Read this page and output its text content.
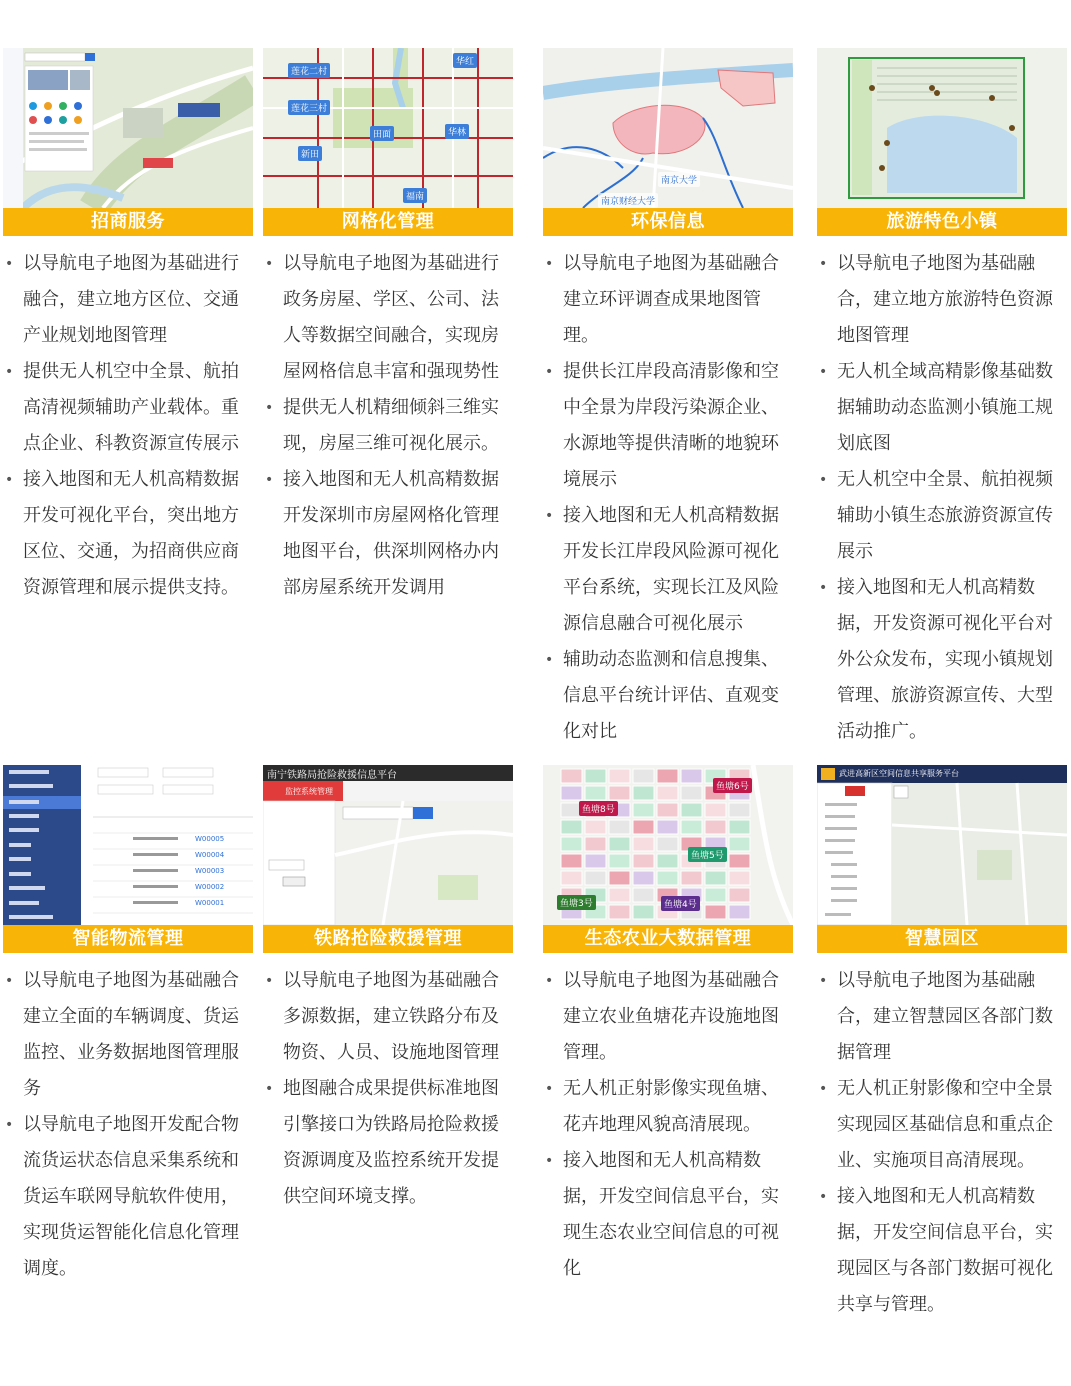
招商服务
• 以导航电子地图为基础进行融合，建立地方区位、交通产业规划地图管理
• 提供无人机空中全景、航拍高清视频辅助产业载体。重点企业、科教资源宣传展示
• 接入地图和无人机高精数据开发可视化平台，突出地方区位、交通，为招商供应商资源管理和展示提供支持。
莲花二村
莲花三村
田面
新田
华林
福南
华红
网格化管理
• 以导航电子地图为基础进行政务房屋、学区、公司、法人等数据空间融合，实现房屋网格信息丰富和强现势性
• 提供无人机精细倾斜三维实现，房屋三维可视化展示。
• 接入地图和无人机高精数据开发深圳市房屋网格化管理地图平台，供深圳网格办内部房屋系统开发调用
南京大学
南京财经大学
环保信息
• 以导航电子地图为基础融合建立环评调查成果地图管理。
• 提供长江岸段高清影像和空中全景为岸段污染源企业、水源地等提供清晰的地貌环境展示
• 接入地图和无人机高精数据开发长江岸段风险源可视化平台系统，实现长江及风险源信息融合可视化展示
• 辅助动态监测和信息搜集、信息平台统计评估、直观变化对比
旅游特色小镇
• 以导航电子地图为基础融合，建立地方旅游特色资源地图管理
• 无人机全域高精影像基础数据辅助动态监测小镇施工规划底图
• 无人机空中全景、航拍视频辅助小镇生态旅游资源宣传展示
• 接入地图和无人机高精数据，开发资源可视化平台对外公众发布，实现小镇规划管理、旅游资源宣传、大型活动推广。
W00005
W00004
W00003
W00002
W00001
智能物流管理
• 以导航电子地图为基础融合建立全面的车辆调度、货运监控、业务数据地图管理服务
• 以导航电子地图开发配合物流货运状态信息采集系统和货运车联网导航软件使用，实现货运智能化信息化管理调度。
南宁铁路局抢险救援信息平台
监控系统管理
铁路抢险救援管理
• 以导航电子地图为基础融合多源数据，建立铁路分布及物资、人员、设施地图管理
• 地图融合成果提供标准地图引擎接口为铁路局抢险救援资源调度及监控系统开发提供空间环境支撑。
鱼塘8号
鱼塘6号
鱼塘5号
鱼塘3号	鱼塘4号
生态农业大数据管理
• 以导航电子地图为基础融合建立农业鱼塘花卉设施地图管理。
• 无人机正射影像实现鱼塘、花卉地理风貌高清展现。
• 接入地图和无人机高精数据，开发空间信息平台，实现生态农业空间信息的可视化
武进高新区空间信息共享服务平台
智慧园区
• 以导航电子地图为基础融合，建立智慧园区各部门数据管理
• 无人机正射影像和空中全景实现园区基础信息和重点企业、实施项目高清展现。
• 接入地图和无人机高精数据，开发空间信息平台，实现园区与各部门数据可视化共享与管理。
